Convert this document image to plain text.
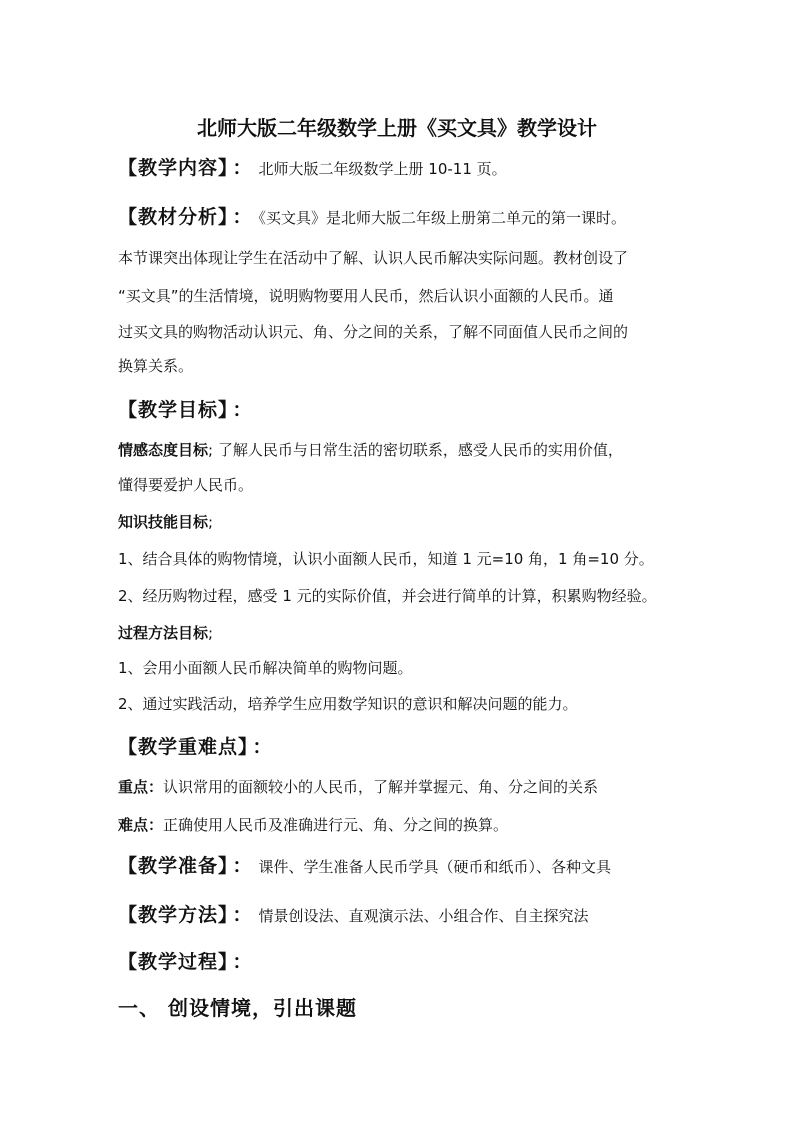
北师大版二年级数学上册《买文具》教学设计
【教学内容】 ： 北师大版二年级数学上册 10-11 页。
【教材分析】 ： 《买文具》是北师大版二年级上册第二单元的第一课时。
本节课突出体现让学生在活动中了解、认识人民币解决实际问题。教材创设了
“买文具”的生活情境，说明购物要用人民币，然后认识小面额的人民币。通
过买文具的购物活动认识元、角、分之间的关系，了解不同面值人民币之间的
换算关系。
【教学目标】 ：
情感态度目标; 了解人民币与日常生活的密切联系，感受人民币的实用价值，
懂得要爱护人民币。
知识技能目标;
1、结合具体的购物情境，认识小面额人民币，知道 1 元=10 角，1 角=10 分。
2、经历购物过程，感受 1 元的实际价值，并会进行简单的计算，积累购物经验。
过程方法目标;
1、会用小面额人民币解决简单的购物问题。
2、通过实践活动，培养学生应用数学知识的意识和解决问题的能力。
【教学重难点】 ：
重点：认识常用的面额较小的人民币，了解并掌握元、角、分之间的关系
难点：正确使用人民币及准确进行元、角、分之间的换算。
【教学准备】 ： 课件、学生准备人民币学具（硬币和纸币）、各种文具
【教学方法】 ： 情景创设法、直观演示法、小组合作、自主探究法
【教学过程】 ：
一、 创设情境，引出课题
